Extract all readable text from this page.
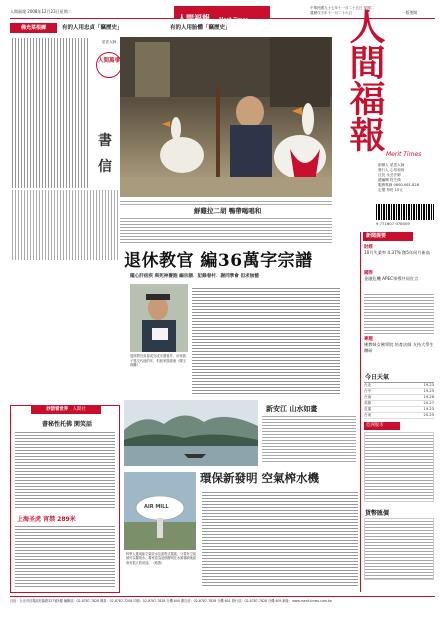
人間福報 2008年12月23日星期二
人間福報 Merit Times
中華民國九十七年十一月二十五日 星期二
農曆戊子年十一月二十六日	一版要聞
佛光菜根譚	有的人用忠貞「竊歷史」	有的人用胎體「竊歷史」
星雲大師
人間萬事
書
信
鮮雞拉二胡 鴨帶喝唱和
退休教官 編36萬字宗譜
擺心肝宿疾 與死神賽跑 編宗譜．記錄春村．謝同學會 但求無憾
退休教官吳春成完成宗譜著作，向家族子孫交代他的年，但留家族源流（陳玉珍攝）
人間福報
Merit Times
創辦人 星雲大師
發行人 心培和尚
社長 永芸法師
總編輯 符芝瑛
服務專線 0800-061-828
定價 每份 10元
9 771607 978009
新聞提要
財經
10月失業率 4.37% 創5年同月新高
國際
金融危機 APEC領導共同宣言
專題
佛教婦女佛學院 培育法師 支持大學生鑽研
今日天氣
台北	19-23
台中	19-25
台南	19-26
高雄	20-27
花蓮	19-23
台東	20-25
亞洲股市
貨幣匯價
妙語看世界 人間社
書秘性托佛 閑笑話
上海圣虎 宵禁 289米
新安江 山水如畫
環保新發明 空氣榨水機
AIR MILL
科學人遞風能空氣收水及滤程式服裝，只要有空氣就可以擷取水，專家認為這個發明在水源稀缺地區會有很大的用途。（路透）
社址：台北市信義區松隆路327號5樓 編輯部：02-8787-7828 傳真：02-8787-7208 印刷：02-8787-7828 分機 600 廣告部：02-8787-7828 分機 601 發行部：02-8787-7828 分機 605 網址：www.merit-times.com.tw
